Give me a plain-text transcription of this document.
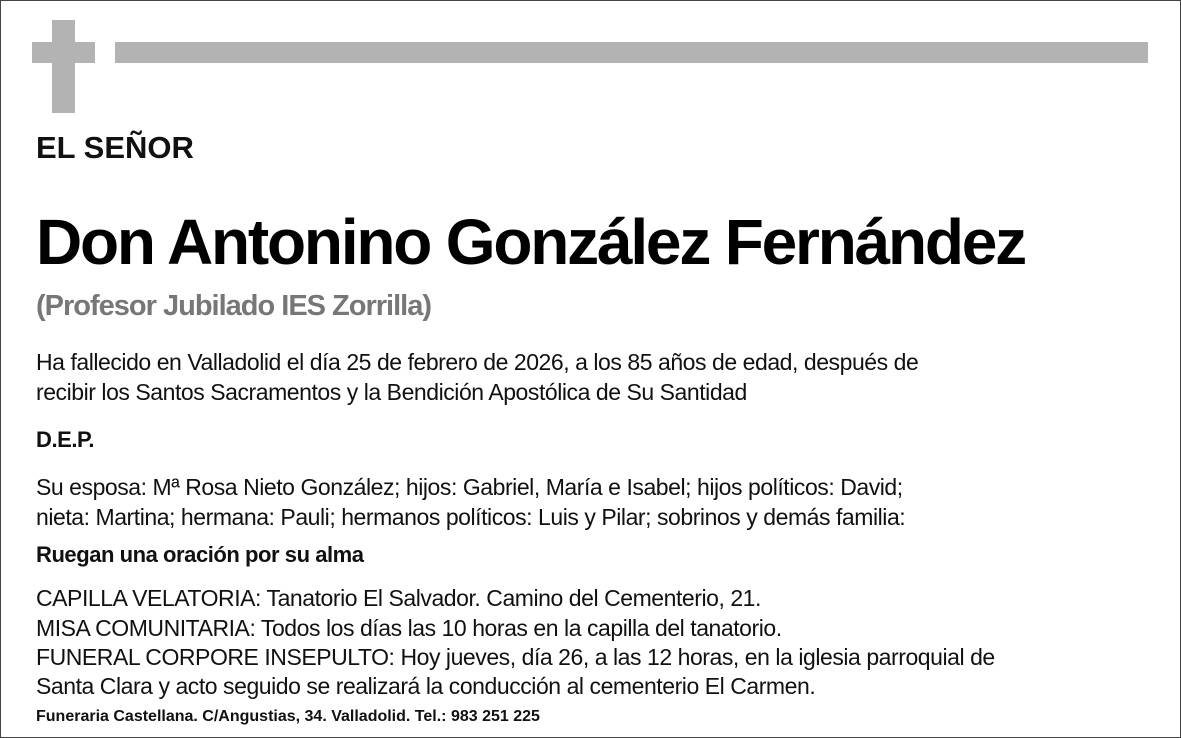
EL SEÑOR
Don Antonino González Fernández
(Profesor Jubilado IES Zorrilla)
Ha fallecido en Valladolid el día 25 de febrero de 2026, a los 85 años de edad, después de
recibir los Santos Sacramentos y la Bendición Apostólica de Su Santidad
D.E.P.
Su esposa: Mª Rosa Nieto González; hijos: Gabriel, María e Isabel; hijos políticos: David;
nieta: Martina; hermana: Pauli; hermanos políticos: Luis y Pilar; sobrinos y demás familia:
Ruegan una oración por su alma
CAPILLA VELATORIA: Tanatorio El Salvador. Camino del Cementerio, 21.
MISA COMUNITARIA: Todos los días las 10 horas en la capilla del tanatorio.
FUNERAL CORPORE INSEPULTO: Hoy jueves, día 26, a las 12 horas, en la iglesia parroquial de
Santa Clara y acto seguido se realizará la conducción al cementerio El Carmen.
Funeraria Castellana. C/Angustias, 34. Valladolid. Tel.: 983 251 225
